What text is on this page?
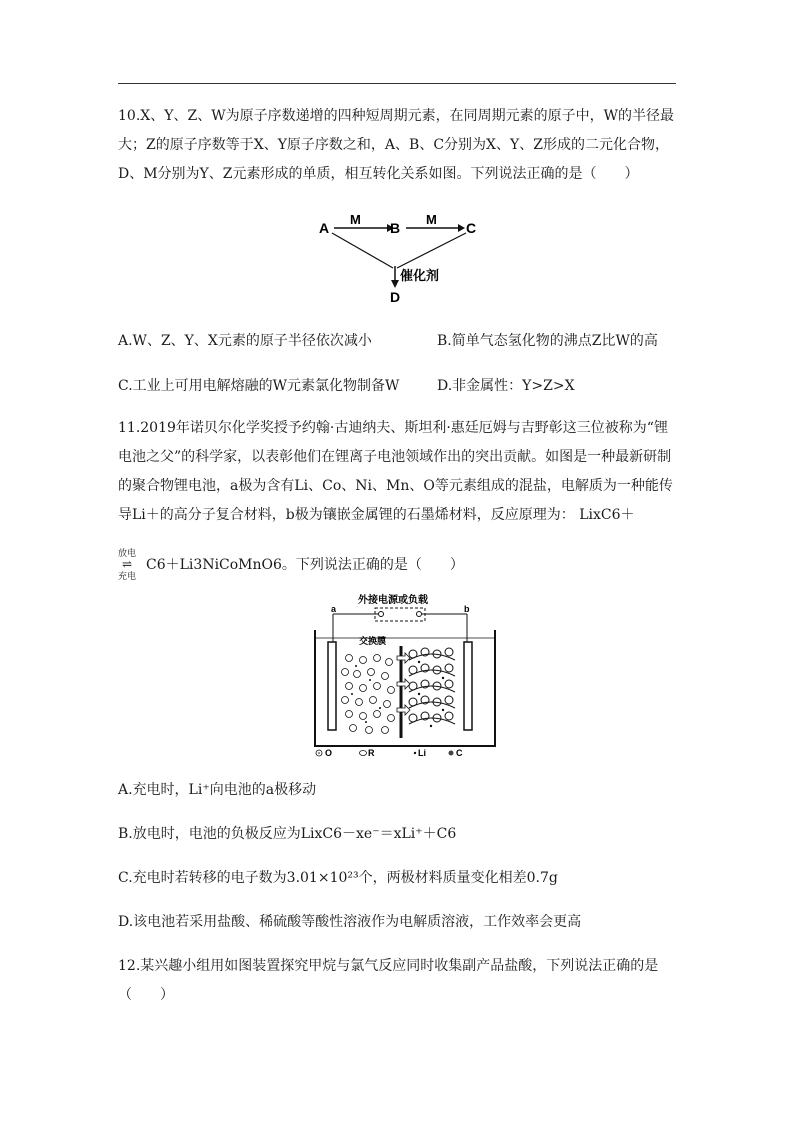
10.X、Y、Z、W为原子序数递增的四种短周期元素，在同周期元素的原子中，W的半径最大；Z的原子序数等于X、Y原子序数之和，A、B、C分别为X、Y、Z形成的二元化合物，D、M分别为Y、Z元素形成的单质，相互转化关系如图。下列说法正确的是（　　）

A
M
B
M
C
催化剂
D
A.W、Z、Y、X元素的原子半径依次减小	B.简单气态氢化物的沸点Z比W的高
C.工业上可用电解熔融的W元素氯化物制备W	D.非金属性：Y>Z>X

11.2019年诺贝尔化学奖授予约翰·古迪纳夫、斯坦利·惠廷厄姆与吉野彰这三位被称为“锂电池之父”的科学家，以表彰他们在锂离子电池领域作出的突出贡献。如图是一种最新研制的聚合物锂电池，a极为含有Li、Co、Ni、Mn、O等元素组成的混盐，电解质为一种能传导Li＋的高分子复合材料，b极为镶嵌金属锂的石墨烯材料，反应原理为： LixC6＋

放电
⇌
充电
C6＋Li3NiCoMnO6。下列说法正确的是（　　）
外接电源或负载
a	b
交换膜
O	R	Li	C
A.充电时，Li⁺向电池的a极移动
B.放电时，电池的负极反应为LixC6－xe⁻＝xLi⁺＋C6
C.充电时若转移的电子数为3.01×10²³个，两极材料质量变化相差0.7g
D.该电池若采用盐酸、稀硫酸等酸性溶液作为电解质溶液，工作效率会更高

12.某兴趣小组用如图装置探究甲烷与氯气反应同时收集副产品盐酸，下列说法正确的是（　　）
